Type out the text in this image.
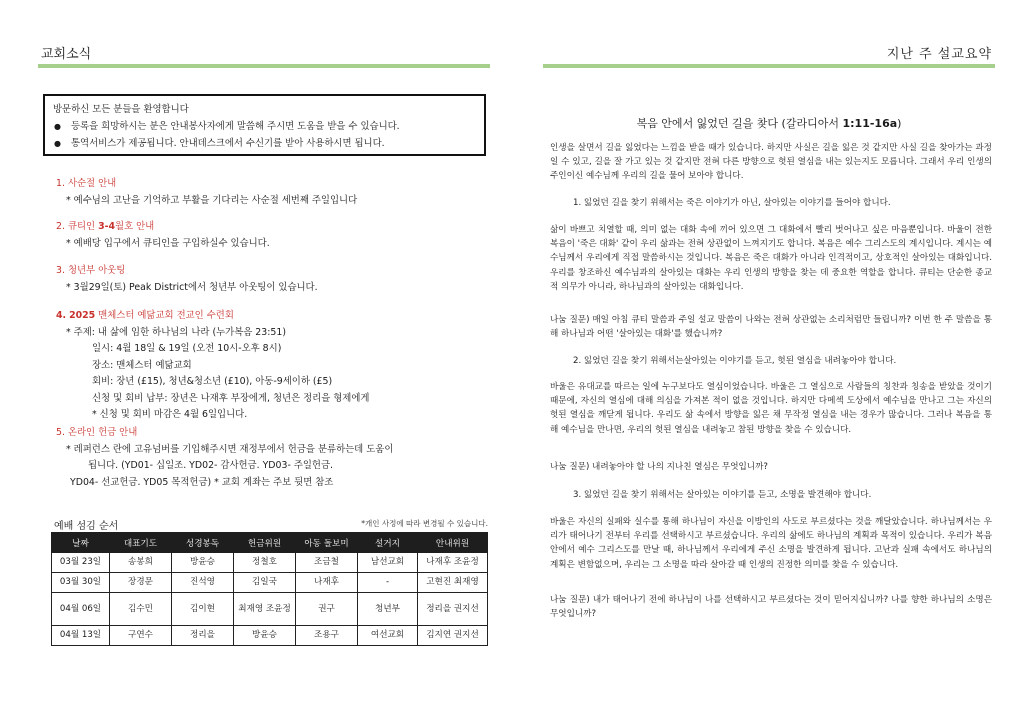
교회소식
방문하신 모든 분들을 환영합니다
● 등록을 희망하시는 분은 안내봉사자에게 말씀해 주시면 도움을 받을 수 있습니다.
● 통역서비스가 제공됩니다. 안내데스크에서 수신기를 받아 사용하시면 됩니다.
1. 사순절 안내
* 예수님의 고난을 기억하고 부활을 기다리는 사순절 세번째 주일입니다
2. 큐티인 3-4월호 안내
* 예배당 입구에서 큐티인을 구입하실수 있습니다.
3. 청년부 아웃팅
* 3월29일(토) Peak District에서 청년부 아웃팅이 있습니다.
4. 2025 맨체스터 예닮교회 전교인 수련회
* 주제: 내 삶에 임한 하나님의 나라 (누가복음 23:51)
일시: 4월 18일 & 19일 (오전 10시-오후 8시)
장소: 맨체스터 예닮교회
회비: 장년 (£15), 청년&청소년 (£10), 아동-9세이하 (£5)
신청 및 회비 납부: 장년은 나재후 부장에게, 청년은 정리을 형제에게
* 신청 및 회비 마감은 4월 6일입니다.
5. 온라인 헌금 안내
* 레퍼런스 란에 고유넘버를 기입해주시면 재정부에서 헌금을 분류하는데 도움이
됩니다. (YD01- 십일조. YD02- 감사헌금. YD03- 주일헌금.
YD04- 선교헌금. YD05 목적헌금) * 교회 계좌는 주보 뒷면 참조
예배 섬김 순서	*개인 사정에 따라 변경될 수 있습니다.
날짜	대표기도	성경봉독	헌금위원	아동 돌보미	설거지	안내위원
03월 23일	송봉희	방윤승	정철호	조금철	남선교회	나재후 조윤정
03월 30일	장경문	진석영	김일국	나재후	-	고현진 최재영
04월 06일	김수민	김이현	최재영 조윤정	권구	청년부	정리을 권지선
04월 13일	구연수	정리을	방윤승	조용구	여선교회	김지연 권지선
지난 주 설교요약
복음 안에서 잃었던 길을 찾다 (갈라디아서 1:11-16a)
인생을 살면서 길을 잃었다는 느낌을 받을 때가 있습니다. 하지만 사실은 길을 잃은 것 같지만 사실 길을 찾아가는 과정일 수 있고, 길을 잘 가고 있는 것 같지만 전혀 다른 방향으로 헛된 열심을 내는 있는지도 모릅니다. 그래서 우리 인생의 주인이신 예수님께 우리의 길을 물어 보아야 합니다.
1. 잃었던 길을 찾기 위해서는 죽은 이야기가 아닌, 살아있는 이야기를 들어야 합니다.
삶이 바쁘고 치열할 때, 의미 없는 대화 속에 끼어 있으면 그 대화에서 빨리 벗어나고 싶은 마음뿐입니다. 바울이 전한 복음이 '죽은 대화' 같이 우리 삶과는 전혀 상관없이 느껴지기도 합니다. 복음은 예수 그리스도의 계시입니다. 계시는 예수님께서 우리에게 직접 말씀하시는 것입니다. 복음은 죽은 대화가 아니라 인격적이고, 상호적인 살아있는 대화입니다. 우리를 창조하신 예수님과의 살아있는 대화는 우리 인생의 방향을 찾는 데 중요한 역할을 합니다. 큐티는 단순한 종교적 의무가 아니라, 하나님과의 살아있는 대화입니다.
나눔 질문) 매일 아침 큐티 말씀과 주일 설교 말씀이 나와는 전혀 상관없는 소리처럼만 들립니까? 이번 한 주 말씀을 통해 하나님과 어떤 '살아있는 대화'를 했습니까?
2. 잃었던 길을 찾기 위해서는살아있는 이야기를 듣고, 헛된 열심을 내려놓아야 합니다.
바울은 유대교를 따르는 일에 누구보다도 열심이었습니다. 바울은 그 열심으로 사람들의 칭찬과 칭송을 받았을 것이기 때문에, 자신의 열심에 대해 의심을 가져본 적이 없을 것입니다. 하지만 다메섹 도상에서 예수님을 만나고 그는 자신의 헛된 열심을 깨닫게 됩니다. 우리도 삶 속에서 방향을 잃은 채 무작정 열심을 내는 경우가 많습니다. 그러나 복음을 통해 예수님을 만나면, 우리의 헛된 열심을 내려놓고 참된 방향을 찾을 수 있습니다.
나눔 질문) 내려놓아야 할 나의 지나친 열심은 무엇입니까?
3. 잃었던 길을 찾기 위해서는 살아있는 이야기를 듣고, 소명을 발견해야 합니다.
바울은 자신의 실패와 실수를 통해 하나님이 자신을 이방인의 사도로 부르셨다는 것을 깨달았습니다. 하나님께서는 우리가 태어나기 전부터 우리를 선택하시고 부르셨습니다. 우리의 삶에도 하나님의 계획과 목적이 있습니다. 우리가 복음 안에서 예수 그리스도를 만날 때, 하나님께서 우리에게 주신 소명을 발견하게 됩니다. 고난과 실패 속에서도 하나님의 계획은 변함없으며, 우리는 그 소명을 따라 살아갈 때 인생의 진정한 의미를 찾을 수 있습니다.
나눔 질문) 내가 태어나기 전에 하나님이 나를 선택하시고 부르셨다는 것이 믿어지십니까? 나를 향한 하나님의 소명은 무엇입니까?
